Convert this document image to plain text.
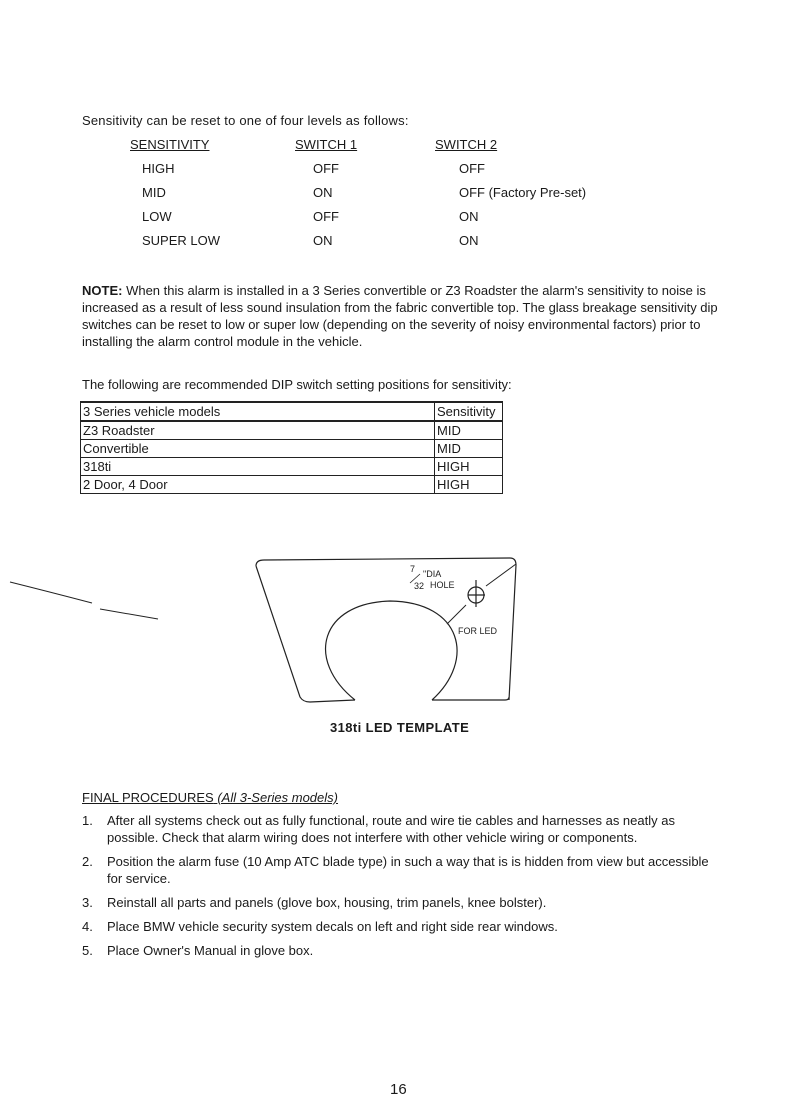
Sensitivity can be reset to one of four levels as follows:
SENSITIVITY	SWITCH 1	SWITCH 2
HIGH	OFF	OFF
MID	ON	OFF (Factory Pre-set)
LOW	OFF	ON
SUPER LOW	ON	ON
NOTE: When this alarm is installed in a 3 Series convertible or Z3 Roadster the alarm's sensitivity to noise is increased as a result of less sound insulation from the fabric convertible top. The glass breakage sensitivity dip switches can be reset to low or super low (depending on the severity of noisy environmental factors) prior to installing the alarm control module in the vehicle.
The following are recommended DIP switch setting positions for sensitivity:
3 Series vehicle models	Sensitivity
Z3 Roadster	MID
Convertible	MID
318ti	HIGH
2 Door, 4 Door	HIGH
7
32
"DIA
HOLE
FOR LED
318ti LED TEMPLATE
FINAL PROCEDURES (All 3-Series models)
1. After all systems check out as fully functional, route and wire tie cables and harnesses as neatly as possible. Check that alarm wiring does not interfere with other vehicle wiring or components.
2. Position the alarm fuse (10 Amp ATC blade type) in such a way that is is hidden from view but accessible for service.
3. Reinstall all parts and panels (glove box, housing, trim panels, knee bolster).
4. Place BMW vehicle security system decals on left and right side rear windows.
5. Place Owner's Manual in glove box.
16
